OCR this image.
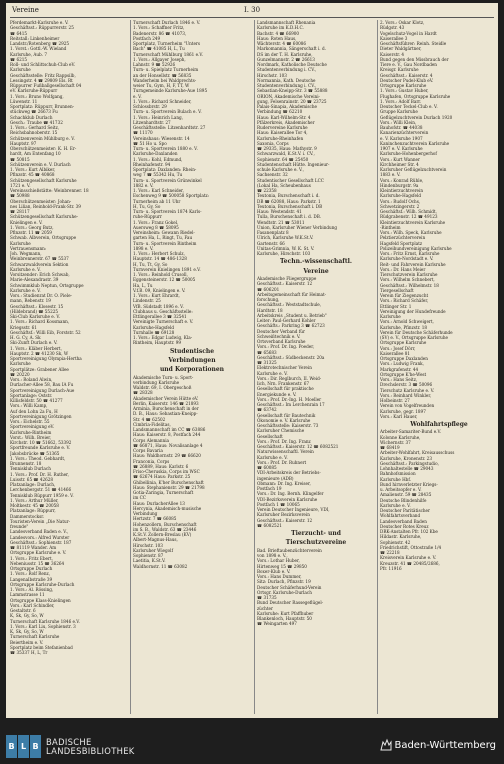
Vereine	I. 30

Pferdemarkt-Karlsruhe e. V.

Geschäftsst.: Rüppurrerstr. 25

☎ 6415

Reitstall: Linkenheimer

Landstr./Rotenberg ☎ 2925

1. Vorst.: Gottl.-W. Wieland

Karlsruhe, Aub. 7

☎ 6215

Roll- und Schlittschuh-Club eV.

Karlsruhe

Geschäftsstelle: Fritz Rappsilb,

Lessingstr. 4 ☎ 29809 Els. Rt

Rüppurrer Fußballgesellschaft 04

eV. Karlsruhe-Rüppurr

1. Vors.: Bruno Wolfgang,

Lüwenstr. 11

Sportplatz: Rüppurr, Brunnen-

stückweg ☎ 26673 Fu

Schachklub Durlach

Gesch.: Traube ☎ 41732

1. Vors.: Gerhard Seitz,

Reichsbahnoberstr. 15

Schützenverein Mühlburg e. V.

Hauptstr. 97

Oberschützenmeister: K. H. Er-

hardt, Am Entenfang 10

☎ 50815

Schützenverein e. V. Durlach

1. Vors.: Kurt Albiker,

Pfinzstr. 45 ☎ 40868

Schützengesellschaft Karlsruhe

1721 e. V.

Vereinsschießstätte: Weinbrenner. 18

☎ 50988

Oberschützenmeister: Johan-

nes Lilian, Reinhold-Frank-Str. 39

☎ 28117

Schützengesellschaft Karlsruhe-

Knielingen e. V.

1. Vors.: Georg Butz,

Pfinzstr. 11 ☎ 2059

Schwab. Albverein, Ortsgruppe

Karlsruhe

Vertrauensmann:

Joh. Wegmann,

Weinbrennerstr. 67 ☎ 5537

Schwarzwaldverein Sektion

Karlsruhe e. V.

Vorsitzender: Erich Schwab,

Marie-Alexandrastr. 39

Schwimmklub Neptun, Ortsgruppe

Karlsruhe e. V.

Vors.: Studienrat Dr. O. Piele-

mann, Rebenstr. 19

Geschäftsst.: Klosestr. 15

(Hildebrand) ☎ 55225

Ski-Club Karlsruhe e. V.

1. Vors.: Richard Kossmann,

Kriegsstr. 61

Geschäftsf.: Willi Eib, Forststr. 52

H. G. Cy, A. Sk

Ski-Zunft Durlach e. V.

1. Vors.: Kläber Herbert,

Hauptstr. 2 ☎ 41230 Sk, W

Sportvereinigung Olympia-Hertha

Karlsruhe

Sportplätze: Grabener Allee

☎ 20220

Vors.: Roland Alwin,

Durlacher-Allee 58, Bau IA Fu

Sportvereinigung Durlach-Aue

Sportanlage: Oststr.

Killisfeldstr. 50 ☎ 41277

Vors.: Willi Kamp,

Auf den Lohn 2a Fu, H

Sportvereinigung Grötzingen

Vors.: Eichelstr. 55

Sportvereinigung eV.

Karlsruhe-Rintheim

Vorst.: Wilh. Breier,

Kirchstr. 10 ☎ 51662, 53392

Sportfreunde Karlsruhe e. V.

Jakobsbrücke ☎ 51365

1. Vors.: Theod. Gebhardt,

Brunnenstr. 18

Tennisklub Durlach

1. Vors.: Prof. Dr. H. Ruther,

Luisstr. 65 ☎ 42628

Platzanlage: Durlach,

Lerchenbergstr. 51 ☎ 41466

Tennisklub Rüppurr 1959 e. V.

1. Vors.: Arthur Müller,

Moltkestr. 45 ☎ 20058

Platzanlage: Rüppurr,

Dammerstocksr.

Touristen-Verein „Die Natur-

freunde"

Landesverband Baden e. V.,

Landesvors.: Alfred Wurster

Geschäftsst.: Sophienstr. 187

☎ 81119 Wander. Am

Ortsgruppe Karlsruhe e. V.

1. Vors.: Fritz Ebert,

Nebeniusstr. 15 ☎ 36264

Ortsgruppe Durlach

1. Vors.: Rolf Renz,

Langenalbstraße 39

Ortsgruppe Karlsruhe-Durlach

1. Vors.: Al. Rössing,

Lammstrasse 11

Ortsgruppe Klass-Knielingen

Vors.: Karl Schindler,

Gestaltstr. 6

K, Sk, Gy, So, W

Turnerschaft Karlsruhe 1846 e.V.

1. Vors.: Karl Liu, Sophienstr. 3

K, Sk, Gy, So, W

Turnerschaft Karlsruhe

Beiertheim e. V.

Sportplatz beim Stefanienbad

☎ 35337 H, L, Tr

Turnerschaft Durlach 1846 e. V.

1. Vors.: Schaffner Fritz,

Badenerstr. 86 ☎ 41073,

Postfach 249

Sportplatz, Turnerheim "Unters

Bach" ☎ 41085 H, L, Tu

Turnerschaft Mühlburg 1861 e.V.

1. Vors.: Allgayer Joseph,

Lahnstr. 9 ☎ 52926

Turn- u. Spielplatz Turnerheim

an der Honsellstr. ☎ 56835

Wanderheim bei Waldprechts-

weier Tu, Gym, H, F, TT, W

Turngemeinde Karlsruhe-Aue 1895

e. V.

1. Vors.: Richard Schneider,

Schlossbrstr. 29

Turn- u. Sportverein Bulach e. V.

1. Vors.: Heinrich Lang,

Litzenhardtstr. 27

Geschäftsstelle: Litzenhardtstr. 27

☎ 11170

Vereinshaus: Wiesenstr. 14

☎ 51 Ho u. Spo

Turn- u. Sportverein 1880 e. V.

Karlsruhe-Daxlanden

1. Vors.: Kohl, Edmund,

Rheinhafenstr. 94

Sportplatz: Daxlanden: Rhein-

weg 7 ☎ 55342 Hu, Tu

Turn- u. Sportverein Grünwinkel

1882 e. V.

1. Vors.: Karl Schneider,

Eschenweg 9 ☎ 500058 Sportplatz:

Turnerheim ab 11 Uhr

H, Tu, Gy, So

Turn- u. Sportverein 1874 Karls-

ruhe-Rüppurr

1. Vors.: Franz Gokel,

Auersweg 8 ☎ 58095

Vereinsheim: Gewann Riedel-

garten Ha, L, Ringt, Tu, Fau

Turn- u. Sportverein Rintheim

1898 e. V.

1. Vors.: Herbert Schulz,

Hauptstr. 14 ☎ 486-1328

H, Tu, Tt, Gy, So

Turnverein Knielingen 1891 e.V.

1. Vors.: Reinhold Crusoll,

Eggensteinerstr. 12 ☎ 50005

Ha, L, Tu

V.f.B. 09, Knielingen e. V.

1. Vors.: Kurt Ehrardt,

Lindenstr. 25

VfB. Südstadt 1896 e. V.

Clubhaus u. Geschäftsstelle:

Ettlingerallee 3 ☎ 32541

Vereinigte Turnerschaft e. V.

Karlsruhe-Hagsfeld

Turnhalle ☎ 69128

1. Vors.: Edgar Ludwig, Kla-

Rintheim, Hauptstr. 99

Studentische

Verbindungen

und Korporationen

Akademische Turn- u. Sport-

verbindung Karlsruhe

Waldstr. 69, I. Obergeschoß

☎ 28328

Akademischer Verein Hütte eV.

Berlin, Kaiserstr. 146 ☎ 21893

Arminia, Burschenschaft in der

D. B., Haus: Sebastian-Kneipp-

Str. 4 ☎ 62502

Cimbria-Fidelitas,

Landsmannschaft im CC ☎ 63886

Haus: Kaiserstr. 8, Postfach 244

Corps Alemannia

☎ 66871, Haus: Novalisanlage 4

Corps Bavaria

Haus: Waldhornstr. 29 ☎ 66620

Franconia, Corps

☎ 26889, Haus: Karlstr. 6

Friso-Cheruskia, Corps im WSC

☎ 62674 Haus: Parkstr. 25

Ghibellinia, K'her Burschenschaft

Haus: Stephanienstr. 29 ☎ 21798

Gotia-Zaringia, Turnerschaft

im CC

Haus: DurlacherAllee 13

Hercynia, Akademisch-musische

Verbindung

Hertzstr. 7 ☎ 66085

Hohenzollern, Burschenschaft

im S. B., Waldstr. 63 ☎ 23446

K.St.V. Zollern-Breslau (KV)

Albert-Magnus-Haus,

Hirschstr. 103

Karlsruher Wiegolf

Sophienstr. 87

Laetitia, K.St.V.

Waldhornstr. 11 ☎ 63082

Landsmannschaft Rhenania

Karlsruhe im K.D.H.C.

Bachstr. 4 ☎ 66900

Haus: Roten Haus,

Wächterstr. 4 ☎ 60086

Markomannia, Sängerschaft i. d.

DS im der T. H. Karlsruhe,

Gunzelmannstr. 2 ☎ 26613

Nordmark, Katholische Deutsche

Studentenverbindung i. CV.,

Hirschstr. 103

Normannia, Kath. Deutsche

Studentenverbindung i. CV.,

Sebastian-Kneipp-Str. 3 ☎ 55888

ORION, Akademische Vereini-

gung, Felsenrainstr. 20 ☎ 23725

Palais-Sinapia, Akademische

Verbindung ☎ 62210

Haus: Karl-Wilhelm-Str. 4

Pfälzerkreis, Akademischer

Rudervereine Karlsruhe

Haus: Kaiserallee Tor 4,

Karlsruhe-Rheinhafen

Saxonia, Corps

☎ 29335, Haus: Mathystr. 9

Schwarzwald, K.St.V. i. CV.,

Sophienstr. 64 ☎ 25450

Studentenschaft Hütte. Ingenieur-

schule Karlsruhe e. V.,

Sachsenstr. 32

Studentischer Gesellschaft LCC

(Lokal Ha, Scheubenhaus

☎ 22358

Teutonia, Burschenschaft i. d.

DB ☎ 62088, Haus: Parkstr. 1

Teutonia, Burschenschaft i. DB

Haus: Westendstr. 41

Tulla, Burschenschaft i. d. DB.

Wendtstr. 21 ☎ 53011

Union, Karlsruher Wiener Verbindung

Fasanenplatz 8

Ulrich, Karlsruhe W.K.St.V.

Gartenstr. 66

Unitas-Grimnia, W. K. St. V.

Karlsruhe, Hirschstr. 103

Techn.-wissenschaftl.

Vereine

Akademische Fliegergruppe

Geschäftsst.: Kaiserstr. 12

☎ 606201

Arbeitsgemeinschaft für Heimat-

forschung,

Geschäftsst.: Weststadtschule,

Hardtstr. 18

Arbeitskreis „Student u. Betrieb"

Leiter: Paul-Gerhard Kohler

Geschäfts.: Parkring 3 ☎ 62723

Deutscher Verband für

Schweißtechnik e. V.

Ortsverband Karlsruhe

Vors.: Prof. Dr. Ing. Poeder,

☎ 65683

Geschäftsst.: Südbeckenstr. 20a

☎ 31325

Elektrotechnischer Verein

Karlsruhe e. V.

Vors.: Dir. Reglburch, II. Weid-

lich, Nrn. Frankenstr. 67

Gesellschaft für praktische

Energiekunde e. V.

Vors.: Prof. Dr.-Ing. H. Moeller

Geschäftsst.: Im Lerchenrain 17

☎ 63742

Gesellschaft für Bautechnik

Ökonomie e. V. Karlsruhe

Geschäftsstelle: Kaiserstr. 73

Karlsruher Chemische

Gesellschaft

Vors.: Prof. Dr. Ing. Franz

Geschäftsst.: Kaiserstr. 12 ☎ 6082521

Naturwissenschaftl. Verein

Karlsruhe e. V.

Vors.: Prof. Dr. Ruhnert

☎ 60085

VDI-Arbeitskreis der Betriebs-

ingenieure (ADB)

Obmann: Dr. Ing. Kreiser,

Postfach 19

Vors.: Dr. Ing. Bernh. Klingelfer

VDI-Bezirksverein Karlsruhe

Postfach 1 ☎ 10065

Verein Deutscher Ingenieure, VDI,

Karlsruher Bezirksverein

Geschäftsst.: Kaiserstr. 12

☎ 6082521

Tierzucht- und

Tierschutzvereine

Bad. Brieftaubenzüchterverein

von 1898 e. V.,

Vors.: Lothar Huber,

Hirtenweg 15 ☎ 29850

Boxer-Klub e. V.

Vors.: Hans Dummer,

Sitz: Durlach, Pfinzstr. 19

Deutscher Schäferhund-Verein

Ortsgr. Karlsruhe-Durlach

☎ 31735

Bund Deutscher Rassegeflügel-

züchter

Karlsruhe: Kurt Pfaffhuber

Blankenloch, Hauptstr. 50

☎ Weingarten 497

2. Vors.: Oskar Klotz,

Rüdgstr. 43

Vogelschutz-Vogel in Hardt

Kaiserallee 3

Geschäftsführer: Reinh. Steidle

Dieter Waldgärtner,

Kaiserstr. 4

Bund gegen den Missbrauch der

Tiere e. V., Gau Nordbaden

Kreisgr. Karlsruhe

Geschäftsst.: Kaiserstr. 4

Deutscher Pudel-Klub eV.

Ortsgruppe Karlsruhe

1. Vors.: Gustav Huber,

Flughafen, Ortsgruppe Karlsruhe

1. Vors.: Adolf Barr.

Deutscher Teckel-Club e. V.

Gruppe Karlsruhe

Geflügelzuchtverein Durlach 1920

Vors.: Willi Klein,

Bauhofstr. ☎ 44038

Kanarienzüchterverein

e. V. Karlsruhe 1907

Kaninchenzuchtverein Karlsruhe

1907 e. V. Karlsruhe

Karlsruhe-Hohenbergerhof

Vors.: Kurt Wanner

Kirchheimer Str. 4

Karlsruher Geflügelzuchtverein

1883 e. V.

Vors.: Konrad Rühle,

Hindenburgstr. 9a

Kleintierzuchtverein

Karlsruhe-Hagsfeld

Vors.: Rudolf Ochs,

Schwetzingerstr. 2

Geschäftsf.: Wilh. Schmidt,

Rüdgrabenstr. 12 ☎ 49123

Kleintierzuchtverein Karlsruhe

-Rintheim

Vors.: Wilh. Speck, Karlsruhe

Pelztierzüchterverein

Hagsfeld Sportplatz

Polizeihundvereinigung Karlsruhe

Vors.: Fritz Ernst, Karlsruhe

Karlsruhe-Nordstadt e. V.

Reit- und Fahrverein Karlsruhe

Vors.: Dr. Hans Meier

Tierschutzverein Karlsruhe

Vors.: Wilhelm Schnebert,

Geschäftsst.: Wilhelmstr. 18

Tiergesellschaft

Verein für Ziegenzucht

Vors.: Richard Schäfer,

Ettlinger Str. 1

Vereinigung der Hundefreunde

Karlsruhe

Vors.: Arnold Schweigert,

Karlsruhe, Pfinzstr. 18

Verein für Deutsche Schäferhunde

(SV) e. V., Ortsgruppe Karlsruhe

Ortsgruppe Karlsruhe

Vors.: Josef Dörr,

Kaiserallee 81

Ortsgruppe Daxlanden

Vors.: Ludwig Frank,

Markgrafenstr. 44

Ortsgruppe K'he-West

Vors.: Hans Seitz,

Drechslerstr. 3 ☎ 50096

Tierschutz Karlsruhe e. V.

Vors.: Reinhard Winkler,

Holbeinstr. 27

Verein von Vogelfreunden

Karlsruhe, gegr. 1897

Vors.: Karl Hauer,

Wohlfahrtspflege

Arbeiter-Samariter-Bund e.V.

Kolonne Karlsruhe,

Wichernstr. 37

☎ 68419

Arbeiter-Wohlfahrt, Kreisausschuss

Karlsruhe, Kronenstr. 23

Geschäftsst.: Parkingstudio,

Lohnhaltestelle ☎ 29043

Bahnhofsmission

Karlsruhe Hbf.

Bund hirnverletzter Kriegs-

u. Arbeitsopfer e. V.

Amalienstr. 59 ☎ 28435

Deutsche Blindenhilfe

Karlsruhe e. V.

Deutscher Paritätischer

Wohlfahrtsverband

Landesverband Baden

Deutscher Rotes Kreuz

DRK-Anstalten Pfr. 102 Kbe

Hildastr. Karlsruhe,

Sophienstr. 42

Friedrichstift, Ottostraße 1/4

☎ 22218

Kreisverein Karlsruhe e. V.

Kreuzstr. 41 ☎ 20485/2686,

Pfr. 11916

B L B BADISCHE
LANDESBIBLIOTHEK	Baden-Württemberg
